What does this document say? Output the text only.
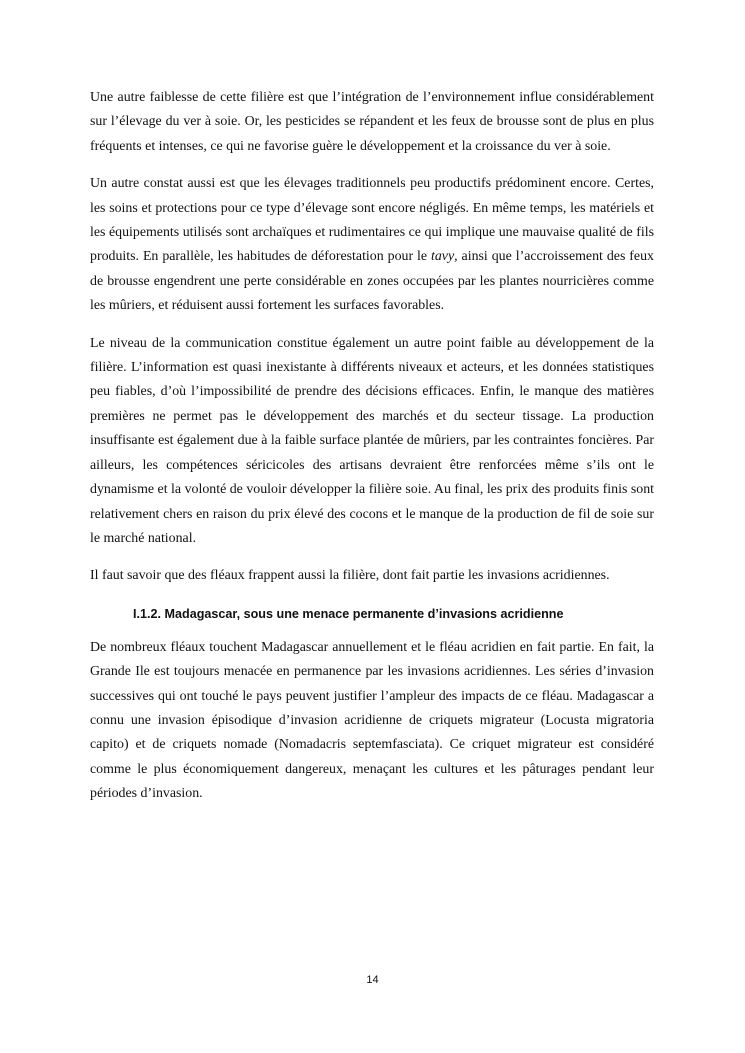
Une autre faiblesse de cette filière est que l’intégration de l’environnement influe considérablement sur l’élevage du ver à soie. Or, les pesticides se répandent et les feux de brousse sont de plus en plus fréquents et intenses, ce qui ne favorise guère le développement et la croissance du ver à soie.

Un autre constat aussi est que les élevages traditionnels peu productifs prédominent encore. Certes, les soins et protections pour ce type d’élevage sont encore négligés. En même temps, les matériels et les équipements utilisés sont archaïques et rudimentaires ce qui implique une mauvaise qualité de fils produits. En parallèle, les habitudes de déforestation pour le tavy, ainsi que l’accroissement des feux de brousse engendrent une perte considérable en zones occupées par les plantes nourricières comme les mûriers, et réduisent aussi fortement les surfaces favorables.

Le niveau de la communication constitue également un autre point faible au développement de la filière. L’information est quasi inexistante à différents niveaux et acteurs, et les données statistiques peu fiables, d’où l’impossibilité de prendre des décisions efficaces. Enfin, le manque des matières premières ne permet pas le développement des marchés et du secteur tissage. La production insuffisante est également due à la faible surface plantée de mûriers, par les contraintes foncières. Par ailleurs, les compétences séricicoles des artisans devraient être renforcées même s’ils ont le dynamisme et la volonté de vouloir développer la filière soie. Au final, les prix des produits finis sont relativement chers en raison du prix élevé des cocons et le manque de la production de fil de soie sur le marché national.

Il faut savoir que des fléaux frappent aussi la filière, dont fait partie les invasions acridiennes.

I.1.2. Madagascar, sous une menace permanente d’invasions acridienne

De nombreux fléaux touchent Madagascar annuellement et le fléau acridien en fait partie. En fait, la Grande Ile est toujours menacée en permanence par les invasions acridiennes. Les séries d’invasion successives qui ont touché le pays peuvent justifier l’ampleur des impacts de ce fléau. Madagascar a connu une invasion épisodique d’invasion acridienne de criquets migrateur (Locusta migratoria capito) et de criquets nomade (Nomadacris septemfasciata). Ce criquet migrateur est considéré comme le plus économiquement dangereux, menaçant les cultures et les pâturages pendant leur périodes d’invasion.

14
